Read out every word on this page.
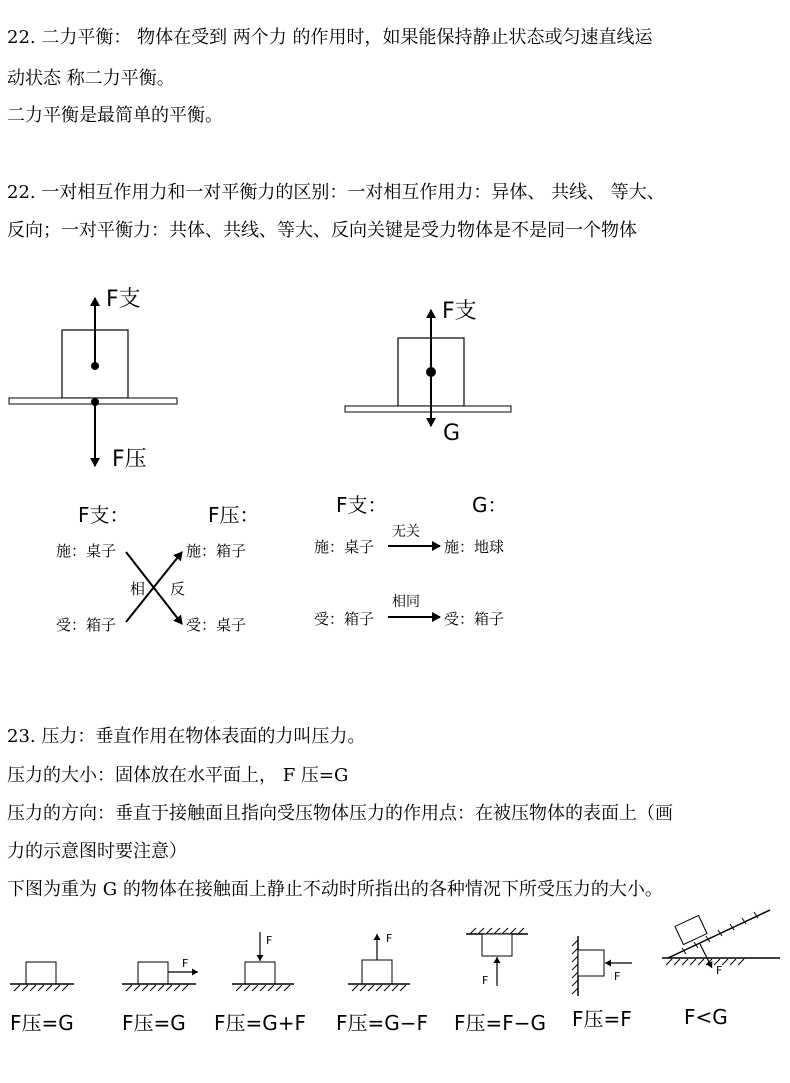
22. 二力平衡： 物体在受到 两个力 的作用时，如果能保持静止状态或匀速直线运
动状态 称二力平衡。
二力平衡是最简单的平衡。
22. 一对相互作用力和一对平衡力的区别：一对相互作用力：异体、 共线、 等大、
反向；一对平衡力：共体、共线、等大、反向关键是受力物体是不是同一个物体
23. 压力：垂直作用在物体表面的力叫压力。
压力的大小：固体放在水平面上， F 压=G
压力的方向：垂直于接触面且指向受压物体压力的作用点：在被压物体的表面上（画
力的示意图时要注意）
下图为重为 G 的物体在接触面上静止不动时所指出的各种情况下所受压力的大小。
F支
F压
F支
G
F支：	F压：
施：桌子	施：箱子
受：箱子	受：桌子
相 反
F支：	G：
施：桌子	施：地球
无关
受：箱子	受：箱子
相同
F
F	F
F	F	F
F压=G F压=G F压=G+F F压=G−F F压=F−G F压=F	F<G
